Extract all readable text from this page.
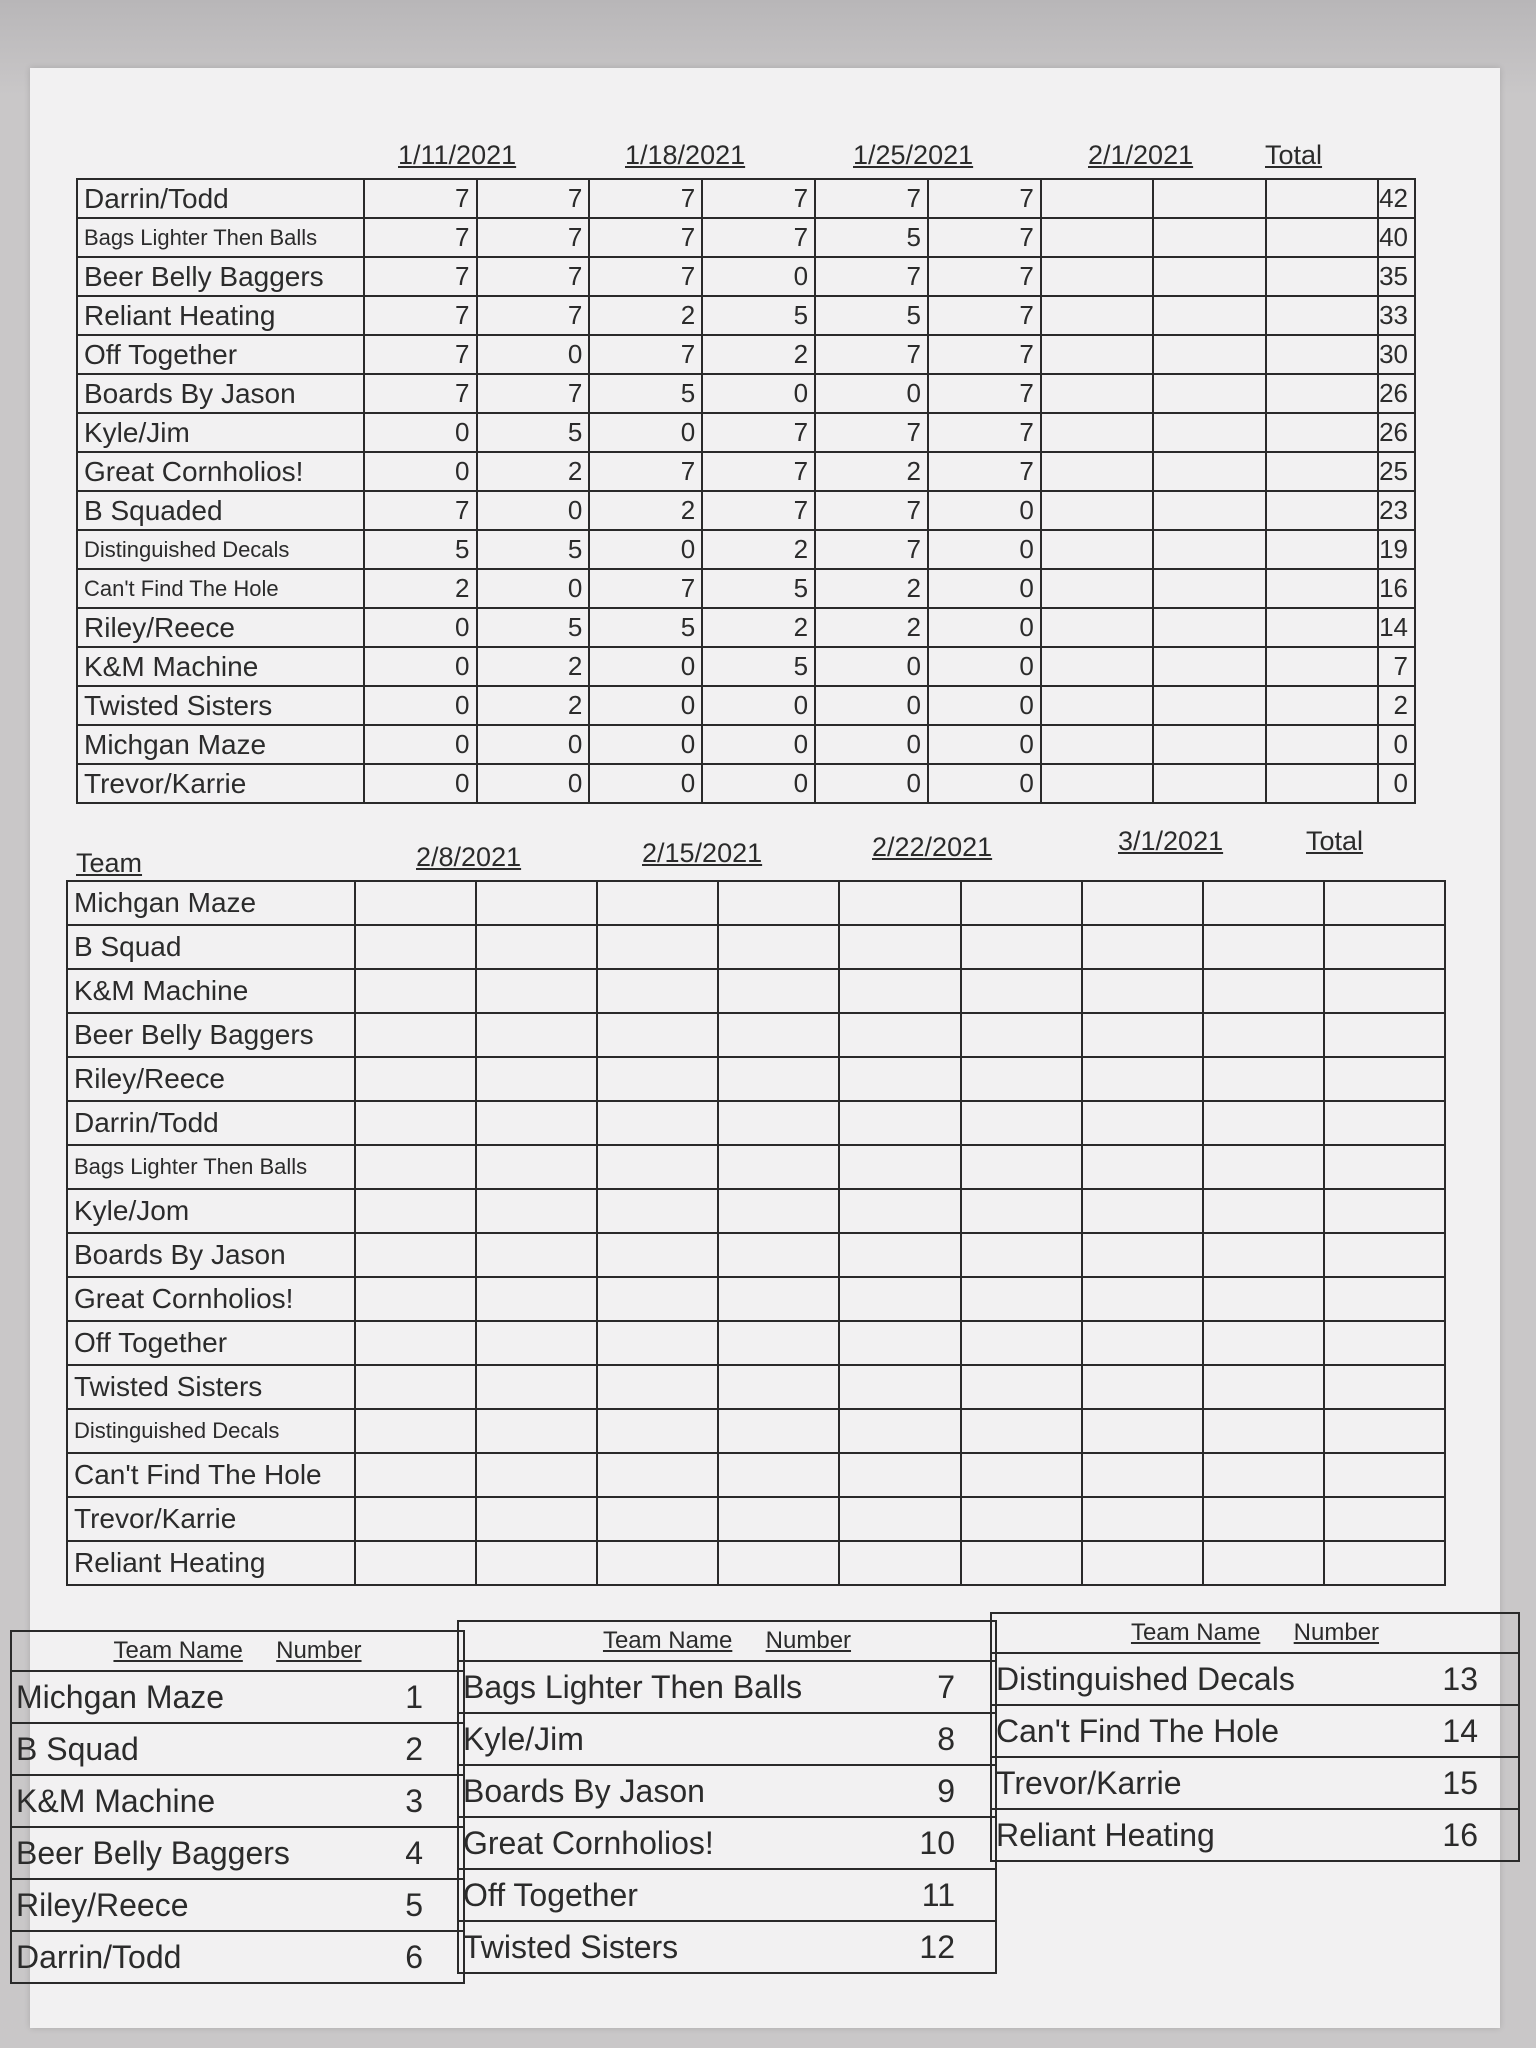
1/11/2021	1/18/2021	1/25/2021	2/1/2021	Total
Darrin/Todd	7	7	7	7	7	7				42
Bags Lighter Then Balls	7	7	7	7	5	7				40
Beer Belly Baggers	7	7	7	0	7	7				35
Reliant Heating	7	7	2	5	5	7				33
Off Together	7	0	7	2	7	7				30
Boards By Jason	7	7	5	0	0	7				26
Kyle/Jim	0	5	0	7	7	7				26
Great Cornholios!	0	2	7	7	2	7				25
B Squaded	7	0	2	7	7	0				23
Distinguished Decals	5	5	0	2	7	0				19
Can't Find The Hole	2	0	7	5	2	0				16
Riley/Reece	0	5	5	2	2	0				14
K&M Machine	0	2	0	5	0	0				7
Twisted Sisters	0	2	0	0	0	0				2
Michgan Maze	0	0	0	0	0	0				0
Trevor/Karrie	0	0	0	0	0	0				0
Team	2/8/2021	2/15/2021	2/22/2021	3/1/2021	Total
Michgan Maze									
B Squad									
K&M Machine									
Beer Belly Baggers									
Riley/Reece									
Darrin/Todd									
Bags Lighter Then Balls									
Kyle/Jom									
Boards By Jason									
Great Cornholios!									
Off Together									
Twisted Sisters									
Distinguished Decals									
Can't Find The Hole									
Trevor/Karrie									
Reliant Heating									
Team Name Number	
Michgan Maze	1
B Squad	2
K&M Machine	3
Beer Belly Baggers	4
Riley/Reece	5
Darrin/Todd	6
Team Name Number	
Bags Lighter Then Balls	7
Kyle/Jim	8
Boards By Jason	9
Great Cornholios!	10
Off Together	11
Twisted Sisters	12
Team Name Number	
Distinguished Decals	13
Can't Find The Hole	14
Trevor/Karrie	15
Reliant Heating	16
